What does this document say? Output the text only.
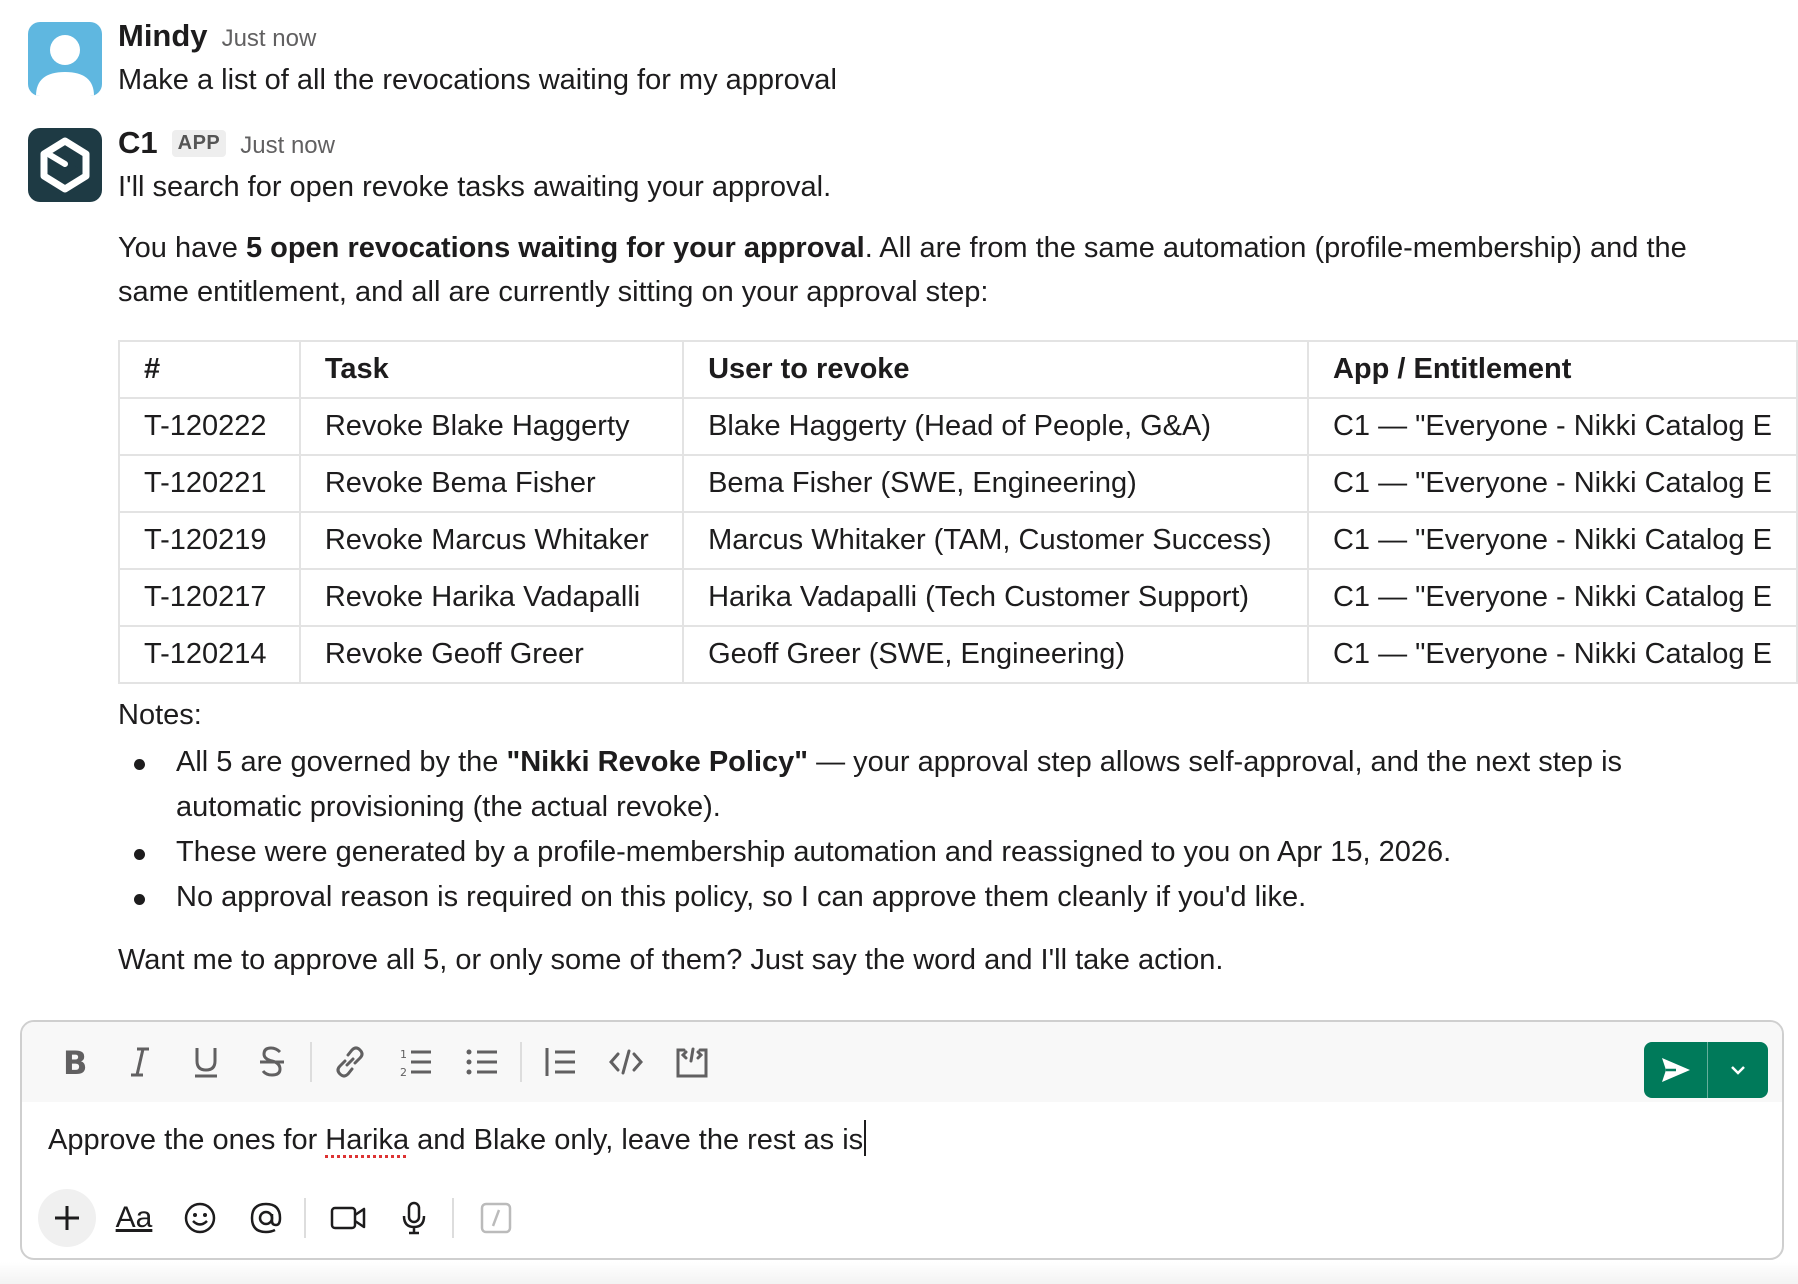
Mindy Just now
Make a list of all the revocations waiting for my approval
C1	APP Just now
I'll search for open revoke tasks awaiting your approval.
You have 5 open revocations waiting for your approval. All are from the same automation (profile-membership) and the same entitlement, and all are currently sitting on your approval step:
#	Task	User to revoke	App / Entitlement
T-120222	Revoke Blake Haggerty	Blake Haggerty (Head of People, G&A)	C1 — "Everyone - Nikki Catalog E
T-120221	Revoke Bema Fisher	Bema Fisher (SWE, Engineering)	C1 — "Everyone - Nikki Catalog E
T-120219	Revoke Marcus Whitaker	Marcus Whitaker (TAM, Customer Success)	C1 — "Everyone - Nikki Catalog E
T-120217	Revoke Harika Vadapalli	Harika Vadapalli (Tech Customer Support)	C1 — "Everyone - Nikki Catalog E
T-120214	Revoke Geoff Greer	Geoff Greer (SWE, Engineering)	C1 — "Everyone - Nikki Catalog E
Notes:
All 5 are governed by the "Nikki Revoke Policy" — your approval step allows self-approval, and the next step is automatic provisioning (the actual revoke).
These were generated by a profile-membership automation and reassigned to you on Apr 15, 2026.
No approval reason is required on this policy, so I can approve them cleanly if you'd like.
Want me to approve all 5, or only some of them? Just say the word and I'll take action.
B	1
2
Approve the ones for Harika and Blake only, leave the rest as is
Aa
